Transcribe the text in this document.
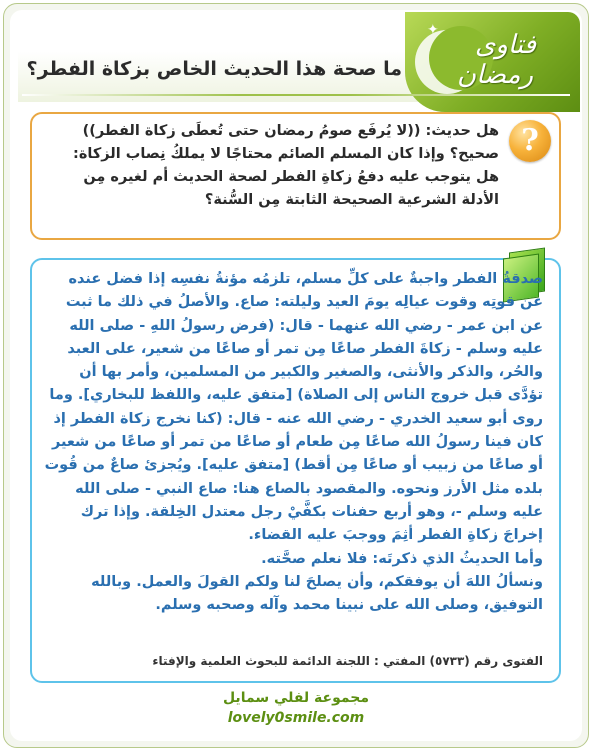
✦ فتاوى
رمضان
ما صحة هذا الحديث الخاص بزكاة الفطر؟
?
هل حديث: ((لا يُرفَع صومُ رمضان حتى تُعطَى زكاة الفطر)) صحيح؟ وإذا كان المسلم الصائم محتاجًا لا يملكُ نِصاب الزكاة: هل يتوجب عليه دفعُ زكاةِ الفطر لصحة الحديث أم لغيره مِن الأدلة الشرعية الصحيحة الثابتة مِن السُّنة؟

صدقةُ الفطر واجبةٌ على كلِّ مسلم، تلزمُه مؤنةُ نفسِه إذا فضل عنده عن قوتِه وقوت عيالِه يومَ العيد وليلته: صاع. والأصلُ في ذلك ما ثبت عن ابن عمر - رضي الله عنهما - قال: (فرض رسولُ اللهِ - صلى الله عليه وسلم - زكاةَ الفطر صاعًا مِن تمر أو صاعًا من شعير، على العبد والحُر، والذكر والأنثى، والصغير والكبير من المسلمين، وأمر بها أن تؤدَّى قبل خروج الناس إلى الصلاة) [متفق عليه، واللفظ للبخاري]. وما روى أبو سعيد الخدري - رضي الله عنه - قال: (كنا نخرج زكاة الفطر إذ كان فينا رسولُ الله صاعًا مِن طعام أو صاعًا من تمر أو صاعًا من شعير أو صاعًا من زبيب أو صاعًا مِن أقط) [متفق عليه]. ويُجزئ صاعٌ من قُوت بلده مثل الأرز ونحوه. والمقصود بالصاع هنا: صاع النبي - صلى الله عليه وسلم -، وهو أربع حفنات بكفَّيْ رجل معتدل الخِلقة. وإذا ترك إخراجَ زكاةِ الفطر أثِمَ ووجبَ عليه القضاء.

وأما الحديثُ الذي ذكرتَه: فلا نعلم صحَّته.

ونسألُ اللهَ أن يوفقكم، وأن يصلحَ لنا ولكم القولَ والعمل. وبالله التوفيق، وصلى الله على نبينا محمد وآله وصحبه وسلم.

الفتوى رقم (٥٧٣٣) المفتي : اللجنة الدائمة للبحوث العلمية والإفتاء
مجموعة لفلي سمايل
lovely0smile.com
